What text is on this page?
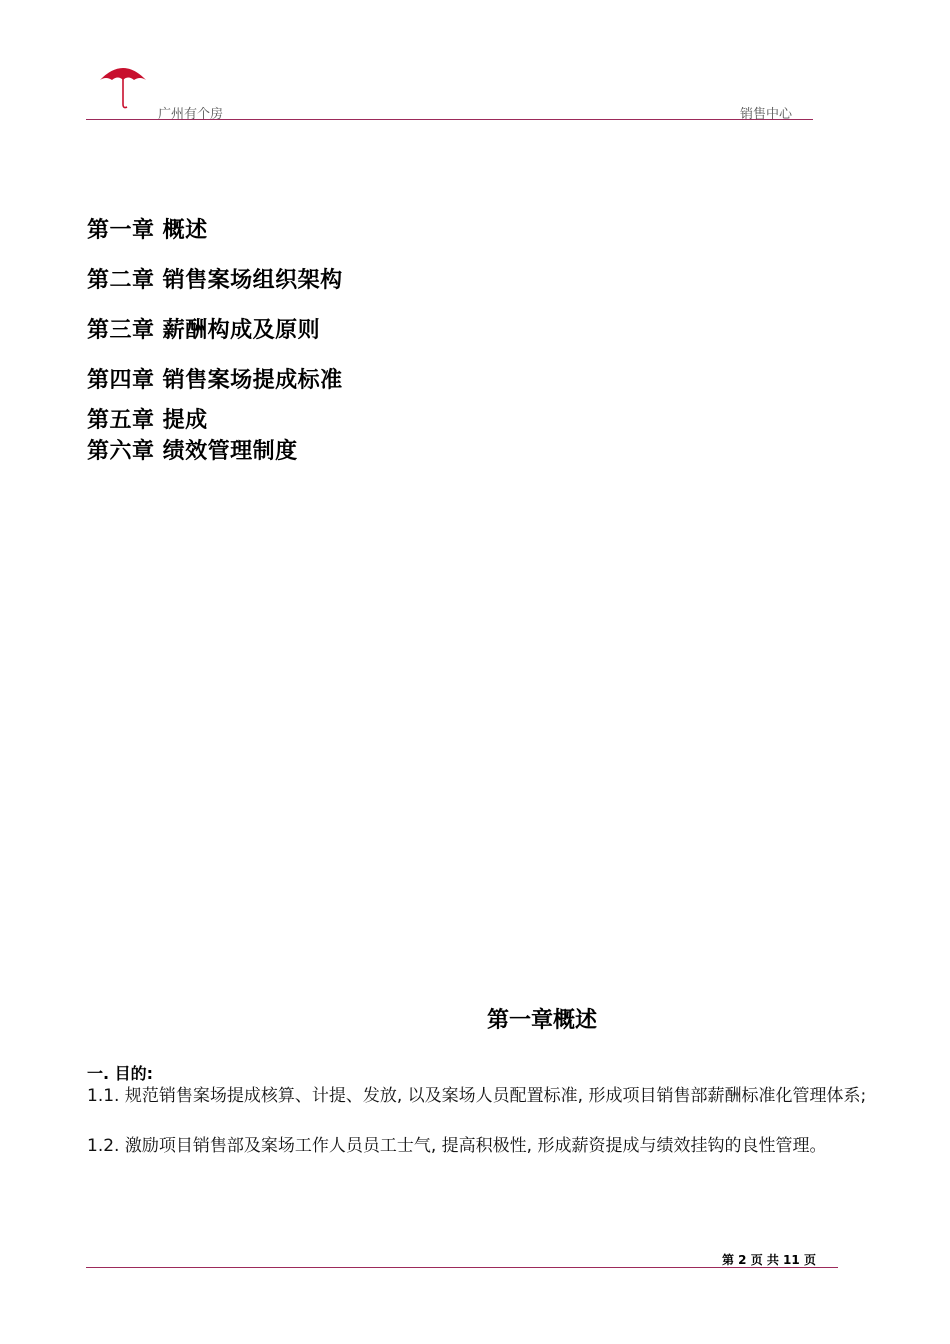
广州有个房	销售中心
第一章 概述
第二章 销售案场组织架构
第三章 薪酬构成及原则
第四章 销售案场提成标准
第五章 提成
第六章 绩效管理制度
第一章概述
一. 目的:
1.1. 规范销售案场提成核算、计提、发放, 以及案场人员配置标准, 形成项目销售部薪酬标准化管理体系;
1.2. 激励项目销售部及案场工作人员员工士气, 提高积极性, 形成薪资提成与绩效挂钩的良性管理。
第 2 页 共 11 页
